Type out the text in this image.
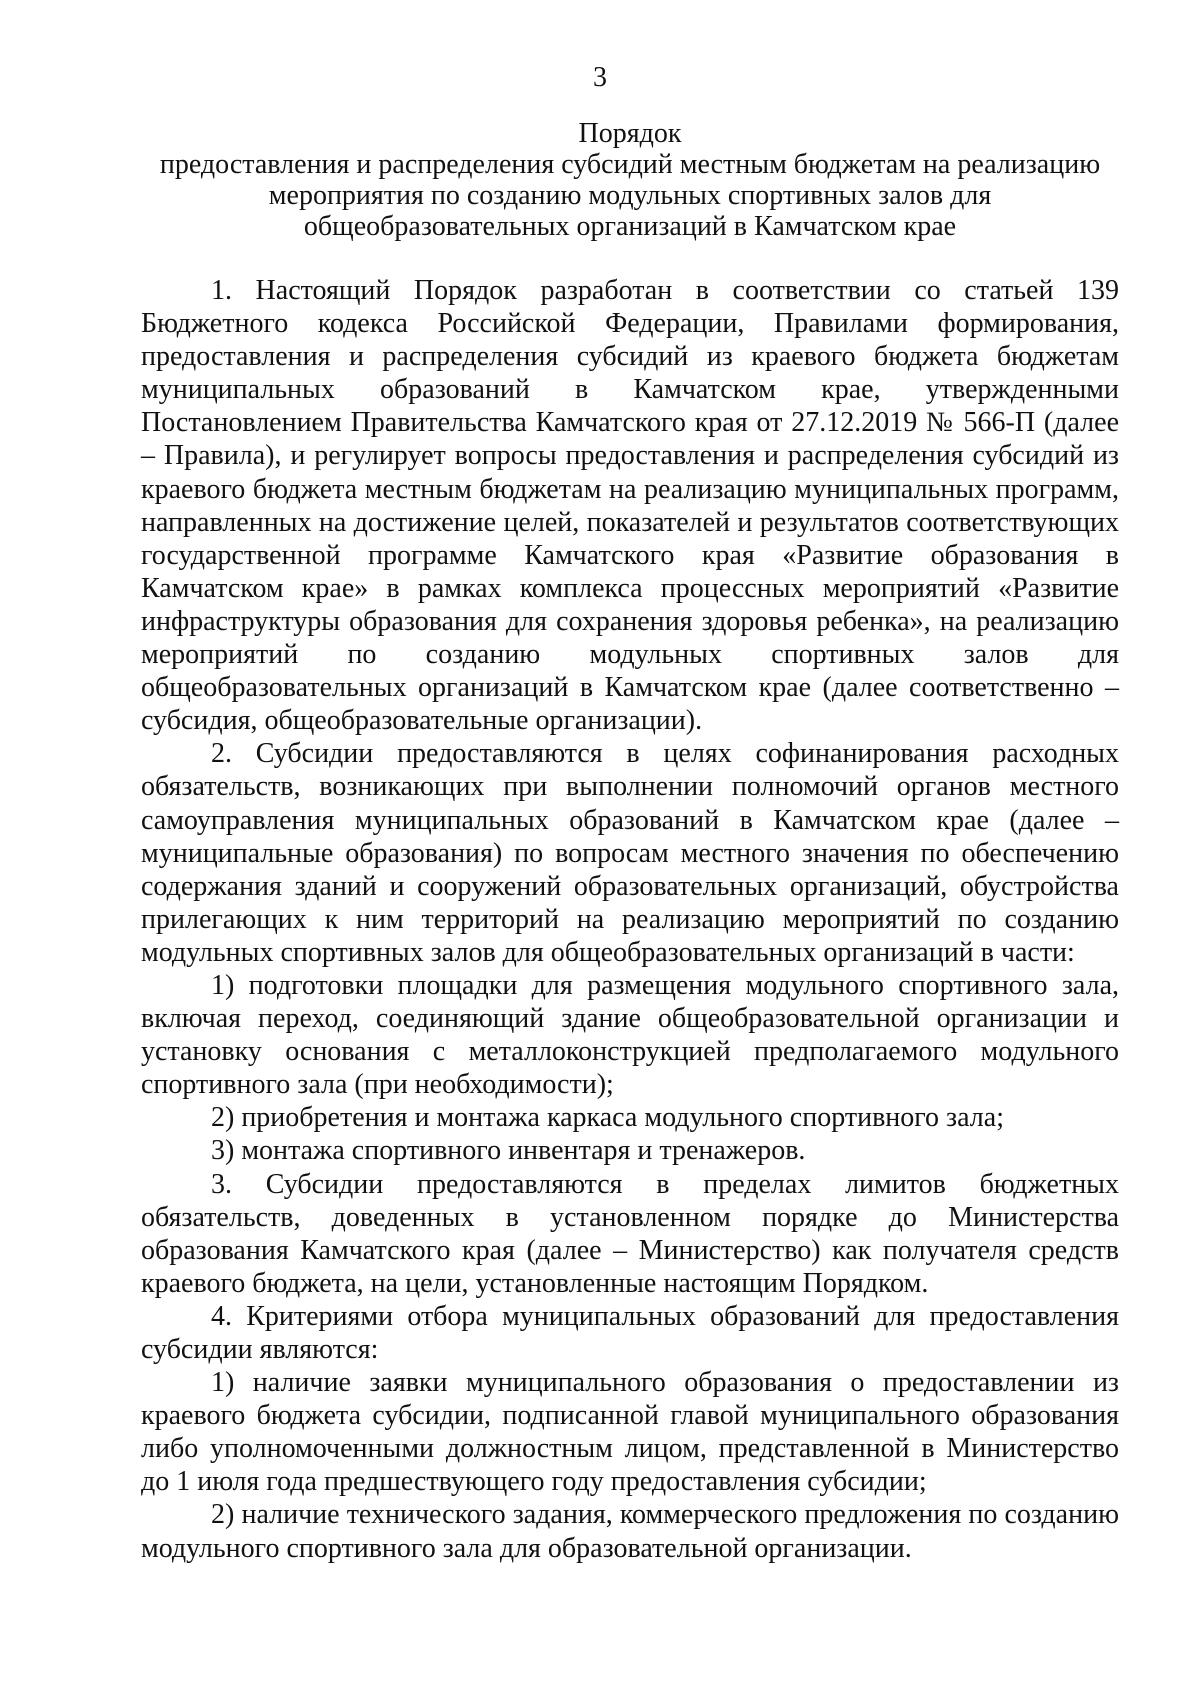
3
Порядок
предоставления и распределения субсидий местным бюджетам на реализацию
мероприятия по созданию модульных спортивных залов для
общеобразовательных организаций в Камчатском крае

1. Настоящий Порядок разработан в соответствии со статьей 139 Бюджетного кодекса Российской Федерации, Правилами формирования, предоставления и распределения субсидий из краевого бюджета бюджетам муниципальных образований в Камчатском крае, утвержденными Постановлением Правительства Камчатского края от 27.12.2019 № 566-П (далее – Правила), и регулирует вопросы предоставления и распределения субсидий из краевого бюджета местным бюджетам на реализацию муниципальных программ, направленных на достижение целей, показателей и результатов соответствующих государственной программе Камчатского края «Развитие образования в Камчатском крае» в рамках комплекса процессных мероприятий «Развитие инфраструктуры образования для сохранения здоровья ребенка», на реализацию мероприятий по созданию модульных спортивных залов для общеобразовательных организаций в Камчатском крае (далее соответственно – субсидия, общеобразовательные организации).

2. Субсидии предоставляются в целях софинанирования расходных обязательств, возникающих при выполнении полномочий органов местного самоуправления муниципальных образований в Камчатском крае (далее – муниципальные образования) по вопросам местного значения по обеспечению содержания зданий и сооружений образовательных организаций, обустройства прилегающих к ним территорий на реализацию мероприятий по созданию модульных спортивных залов для общеобразовательных организаций в части:

1) подготовки площадки для размещения модульного спортивного зала, включая переход, соединяющий здание общеобразовательной организации и установку основания с металлоконструкцией предполагаемого модульного спортивного зала (при необходимости);

2) приобретения и монтажа каркаса модульного спортивного зала;

3) монтажа спортивного инвентаря и тренажеров.

3. Субсидии предоставляются в пределах лимитов бюджетных обязательств, доведенных в установленном порядке до Министерства образования Камчатского края (далее – Министерство) как получателя средств краевого бюджета, на цели, установленные настоящим Порядком.

4. Критериями отбора муниципальных образований для предоставления субсидии являются:

1) наличие заявки муниципального образования о предоставлении из краевого бюджета субсидии, подписанной главой муниципального образования либо уполномоченными должностным лицом, представленной в Министерство до 1 июля года предшествующего году предоставления субсидии;

2) наличие технического задания, коммерческого предложения по созданию модульного спортивного зала для образовательной организации.
